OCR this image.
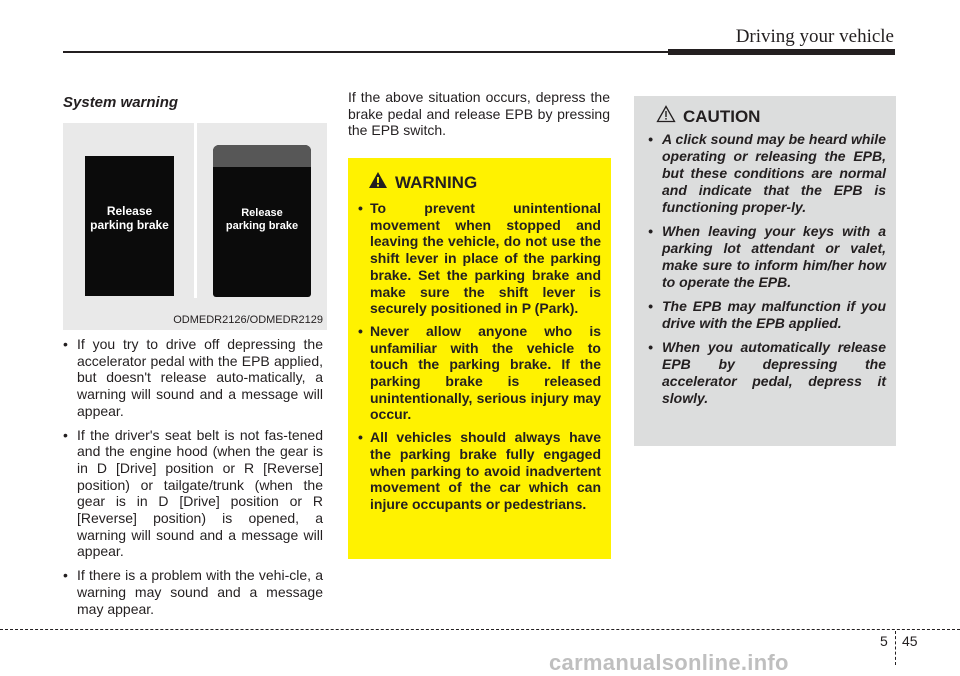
Driving your vehicle
System warning
Release
parking brake
Release
parking brake
ODMEDR2126/ODMEDR2129
• If you try to drive off depressing the accelerator pedal with the EPB applied, but doesn't release auto-matically, a warning will sound and a message will appear.
• If the driver's seat belt is not fas-tened and the engine hood (when the gear is in D [Drive] position or R [Reverse] position) or tailgate/trunk (when the gear is in D [Drive] position or R [Reverse] position) is opened, a warning will sound and a message will appear.
• If there is a problem with the vehi-cle, a warning may sound and a message may appear.
If the above situation occurs, depress the brake pedal and release EPB by pressing the EPB switch.
WARNING
• To prevent unintentional movement when stopped and leaving the vehicle, do not use the shift lever in place of the parking brake. Set the parking brake and make sure the shift lever is securely positioned in P (Park).
• Never allow anyone who is unfamiliar with the vehicle to touch the parking brake. If the parking brake is released unintentionally, serious injury may occur.
• All vehicles should always have the parking brake fully engaged when parking to avoid inadvertent movement of the car which can injure occupants or pedestrians.
CAUTION
• A click sound may be heard while operating or releasing the EPB, but these conditions are normal and indicate that the EPB is functioning proper-ly.
• When leaving your keys with a parking lot attendant or valet, make sure to inform him/her how to operate the EPB.
• The EPB may malfunction if you drive with the EPB applied.
• When you automatically release EPB by depressing the accelerator pedal, depress it slowly.
5 45
carmanualsonline.info
